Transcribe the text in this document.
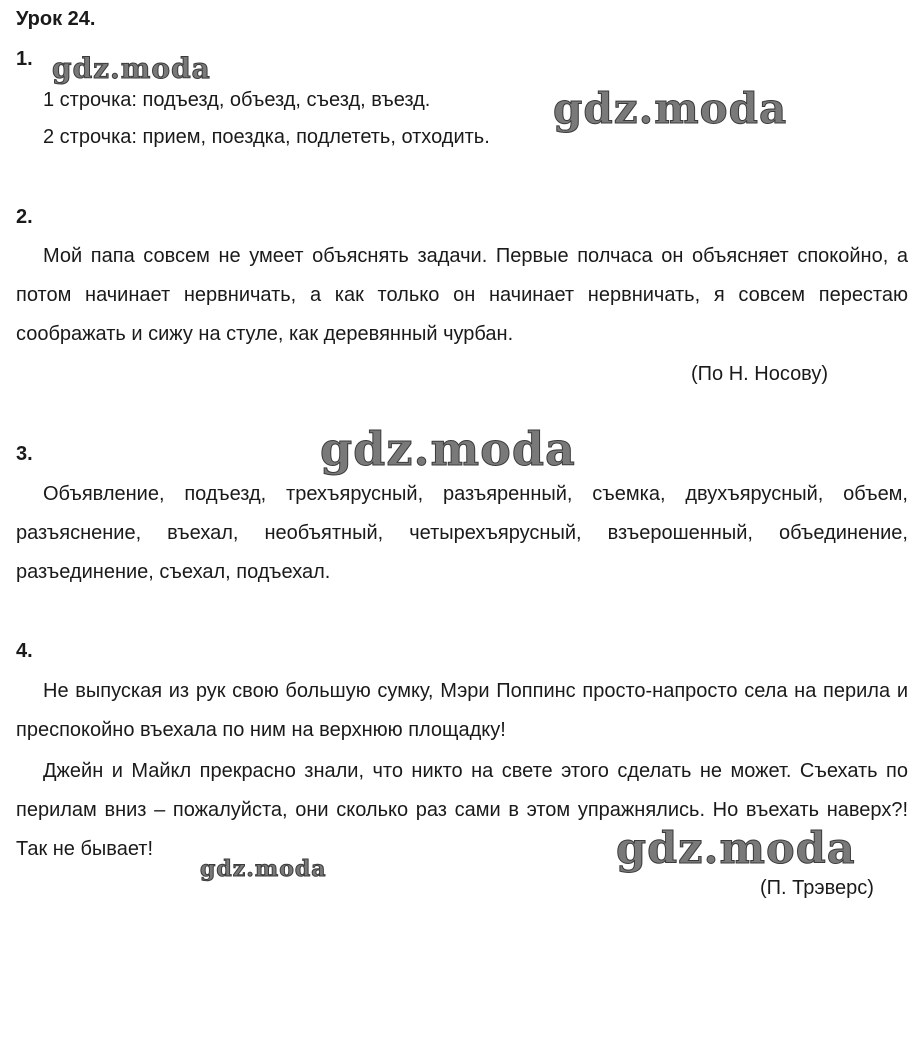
Урок 24.
1.
1 строчка: подъезд, объезд, съезд, въезд.
2 строчка: прием, поездка, подлететь, отходить.
2.
Мой папа совсем не умеет объяснять задачи. Первые полчаса он объясняет спокойно, а потом начинает нервничать, а как только он начинает нервничать, я совсем перестаю соображать и сижу на стуле, как деревянный чурбан.
(По Н. Носову)
3.
Объявление, подъезд, трехъярусный, разъяренный, съемка, двухъярусный, объем, разъяснение, въехал, необъятный, четырехъярусный, взъерошенный, объединение, разъединение, съехал, подъехал.
4.
Не выпуская из рук свою большую сумку, Мэри Поппинс просто-напросто села на перила и преспокойно въехала по ним на верхнюю площадку!
Джейн и Майкл прекрасно знали, что никто на свете этого сделать не может. Съехать по перилам вниз – пожалуйста, они сколько раз сами в этом упражнялись. Но въехать наверх?! Так не бывает!
(П. Трэверс)
gdz.moda
gdz.moda
gdz.moda
gdz.moda
gdz.moda
